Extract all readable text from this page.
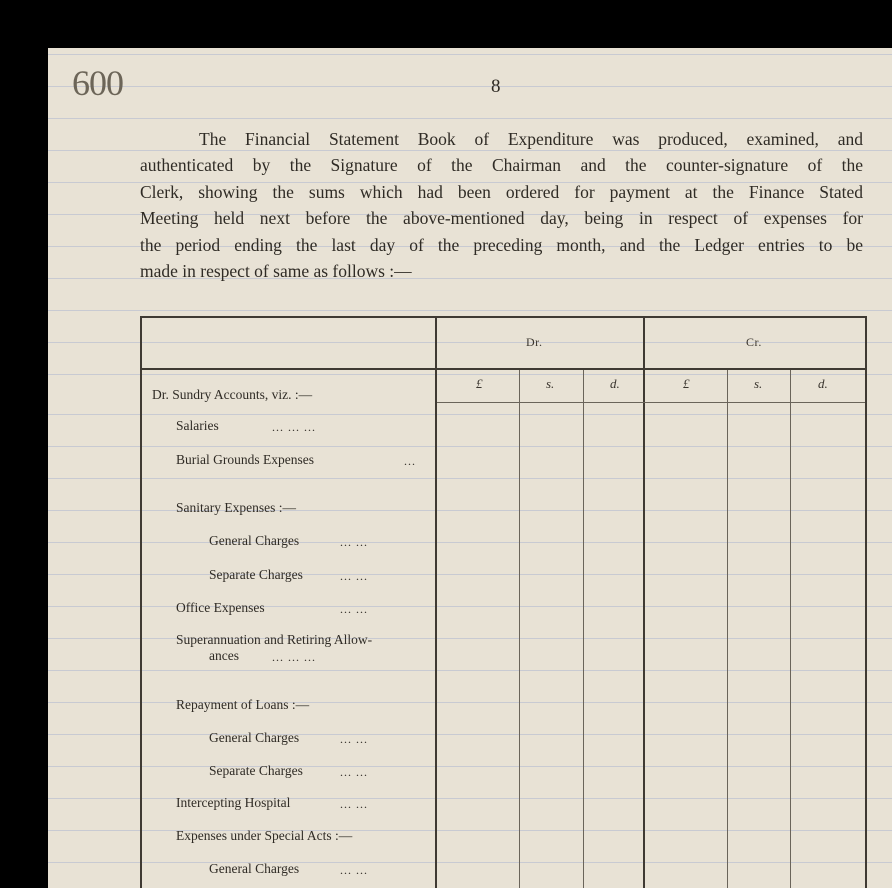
600	8

The Financial Statement Book of Expenditure was produced, examined, and
authenticated by the Signature of the Chairman and the counter-signature of the
Clerk, showing the sums which had been ordered for payment at the Finance Stated
Meeting held next before the above-mentioned day, being in respect of expenses for
the period ending the last day of the preceding month, and the Ledger entries to be
made in respect of same as follows :—

Dr.	Cr.
£	s.	d.	£	s.	d.
Dr. Sundry Accounts, viz. :—
Salaries	... ... ...
Burial Grounds Expenses	...
Sanitary Expenses :—
General Charges	... ...
Separate Charges	... ...
Office Expenses	... ...
Superannuation and Retiring Allow-
ances	... ... ...
Repayment of Loans :—
General Charges	... ...
Separate Charges	... ...
Intercepting Hospital	... ...
Expenses under Special Acts :—
General Charges	... ...
